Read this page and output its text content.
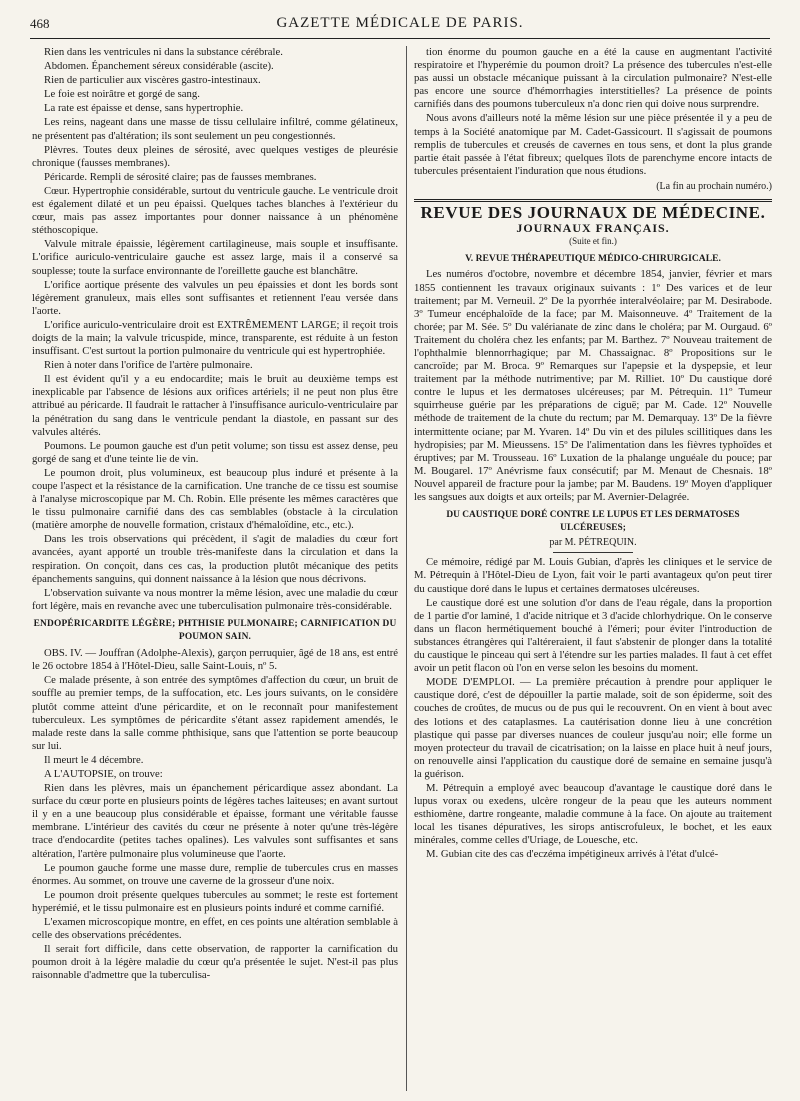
468	GAZETTE MÉDICALE DE PARIS.

Rien dans les ventricules ni dans la substance cérébrale.

Abdomen. Épanchement séreux considérable (ascite).

Rien de particulier aux viscères gastro-intestinaux.

Le foie est noirâtre et gorgé de sang.

La rate est épaisse et dense, sans hypertrophie.

Les reins, nageant dans une masse de tissu cellulaire infiltré, comme gélatineux, ne présentent pas d'altération; ils sont seulement un peu congestionnés.

Plèvres. Toutes deux pleines de sérosité, avec quelques vestiges de pleurésie chronique (fausses membranes).

Péricarde. Rempli de sérosité claire; pas de fausses membranes.

Cœur. Hypertrophie considérable, surtout du ventricule gauche. Le ventricule droit est également dilaté et un peu épaissi. Quelques taches blanches à l'extérieur du cœur, mais pas assez importantes pour donner naissance à un phénomène stéthoscopique.

Valvule mitrale épaissie, légèrement cartilagineuse, mais souple et insuffisante. L'orifice auriculo-ventriculaire gauche est assez large, mais il a conservé sa souplesse; toute la surface environnante de l'oreillette gauche est blanchâtre.

L'orifice aortique présente des valvules un peu épaissies et dont les bords sont légèrement granuleux, mais elles sont suffisantes et retiennent l'eau versée dans l'aorte.

L'orifice auriculo-ventriculaire droit est EXTRÊMEMENT LARGE; il reçoit trois doigts de la main; la valvule tricuspide, mince, transparente, est réduite à un feston insuffisant. C'est surtout la portion pulmonaire du ventricule qui est hypertrophiée.

Rien à noter dans l'orifice de l'artère pulmonaire.

Il est évident qu'il y a eu endocardite; mais le bruit au deuxième temps est inexplicable par l'absence de lésions aux orifices artériels; il ne peut non plus être attribué au péricarde. Il faudrait le rattacher à l'insuffisance auriculo-ventriculaire par la pénétration du sang dans le ventricule pendant la diastole, en passant sur des valvules altérés.

Poumons. Le poumon gauche est d'un petit volume; son tissu est assez dense, peu gorgé de sang et d'une teinte lie de vin.

Le poumon droit, plus volumineux, est beaucoup plus induré et présente à la coupe l'aspect et la résistance de la carnification. Une tranche de ce tissu est soumise à l'analyse microscopique par M. Ch. Robin. Elle présente les mêmes caractères que le tissu pulmonaire carnifié dans des cas semblables (obstacle à la circulation (matière amorphe de nouvelle formation, cristaux d'hémaloïdine, etc., etc.).

Dans les trois observations qui précèdent, il s'agit de maladies du cœur fort avancées, ayant apporté un trouble très-manifeste dans la circulation et dans la respiration. On conçoit, dans ces cas, la production plutôt mécanique des petits épanchements sanguins, qui donnent naissance à la lésion que nous décrivons.

L'observation suivante va nous montrer la même lésion, avec une maladie du cœur fort légère, mais en revanche avec une tuberculisation pulmonaire très-considérable.

ENDOPÉRICARDITE LÉGÈRE; PHTHISIE PULMONAIRE; CARNIFICATION DU POUMON SAIN.

OBS. IV. — Jouffran (Adolphe-Alexis), garçon perruquier, âgé de 18 ans, est entré le 26 octobre 1854 à l'Hôtel-Dieu, salle Saint-Louis, nº 5.

Ce malade présente, à son entrée des symptômes d'affection du cœur, un bruit de souffle au premier temps, de la suffocation, etc. Les jours suivants, on le considère plutôt comme atteint d'une péricardite, et on le reconnaît pour manifestement tuberculeux. Les symptômes de péricardite s'étant assez rapidement amendés, le malade reste dans la salle comme phthisique, sans que l'attention se porte beaucoup sur lui.

Il meurt le 4 décembre.

A L'AUTOPSIE, on trouve:

Rien dans les plèvres, mais un épanchement péricardique assez abondant. La surface du cœur porte en plusieurs points de légères taches laiteuses; en avant surtout il y en a une beaucoup plus considérable et épaisse, formant une véritable fausse membrane. L'intérieur des cavités du cœur ne présente à noter qu'une très-légère trace d'endocardite (petites taches opalines). Les valvules sont suffisantes et sans altération, l'artère pulmonaire plus volumineuse que l'aorte.

Le poumon gauche forme une masse dure, remplie de tubercules crus en masses énormes. Au sommet, on trouve une caverne de la grosseur d'une noix.

Le poumon droit présente quelques tubercules au sommet; le reste est fortement hyperémié, et le tissu pulmonaire est en plusieurs points induré et comme carnifié.

L'examen microscopique montre, en effet, en ces points une altération semblable à celle des observations précédentes.

Il serait fort difficile, dans cette observation, de rapporter la carnification du poumon droit à la légère maladie du cœur qu'a présentée le sujet. N'est-il pas plus raisonnable d'admettre que la tuberculisa-

tion énorme du poumon gauche en a été la cause en augmentant l'activité respiratoire et l'hyperémie du poumon droit? La présence des tubercules n'est-elle pas aussi un obstacle mécanique puissant à la circulation pulmonaire? N'est-elle pas encore une source d'hémorrhagies interstitielles? La présence de points carnifiés dans des poumons tuberculeux n'a donc rien qui doive nous surprendre.

Nous avons d'ailleurs noté la même lésion sur une pièce présentée il y a peu de temps à la Société anatomique par M. Cadet-Gassicourt. Il s'agissait de poumons remplis de tubercules et creusés de cavernes en tous sens, et dont la plus grande partie était passée à l'état fibreux; quelques îlots de parenchyme encore intacts de tubercules présentaient l'induration que nous étudions.

(La fin au prochain numéro.)
REVUE DES JOURNAUX DE MÉDECINE.
JOURNAUX FRANÇAIS.
(Suite et fin.)
V. REVUE THÉRAPEUTIQUE MÉDICO-CHIRURGICALE.

Les numéros d'octobre, novembre et décembre 1854, janvier, février et mars 1855 contiennent les travaux originaux suivants : 1º Des varices et de leur traitement; par M. Verneuil. 2º De la pyorrhée interalvéolaire; par M. Desirabode. 3º Tumeur encéphaloïde de la face; par M. Maisonneuve. 4º Traitement de la chorée; par M. Sée. 5º Du valérianate de zinc dans le choléra; par M. Ourgaud. 6º Traitement du choléra chez les enfants; par M. Barthez. 7º Nouveau traitement de l'ophthalmie blennorrhagique; par M. Chassaignac. 8º Propositions sur le cancroïde; par M. Broca. 9º Remarques sur l'apepsie et la dyspepsie, et leur traitement par la méthode nutrimentive; par M. Rilliet. 10º Du caustique doré contre le lupus et les dermatoses ulcéreuses; par M. Pétrequin. 11º Tumeur squirrheuse guérie par les préparations de ciguë; par M. Cade. 12º Nouvelle méthode de traitement de la chute du rectum; par M. Demarquay. 13º De la fièvre intermittente ociane; par M. Yvaren. 14º Du vin et des pilules scillitiques dans les hydropisies; par M. Mieussens. 15º De l'alimentation dans les fièvres typhoïdes et éruptives; par M. Trousseau. 16º Luxation de la phalange unguéale du pouce; par M. Bougarel. 17º Anévrisme faux consécutif; par M. Menaut de Chesnais. 18º Nouvel appareil de fracture pour la jambe; par M. Baudens. 19º Moyen d'appliquer les sangsues aux doigts et aux orteils; par M. Avernier-Delagrée.

DU CAUSTIQUE DORÉ CONTRE LE LUPUS ET LES DERMATOSES ULCÉREUSES;
par M. PÉTREQUIN.

Ce mémoire, rédigé par M. Louis Gubian, d'après les cliniques et le service de M. Pétrequin à l'Hôtel-Dieu de Lyon, fait voir le parti avantageux qu'on peut tirer du caustique doré dans le lupus et certaines dermatoses ulcéreuses.

Le caustique doré est une solution d'or dans de l'eau régale, dans la proportion de 1 partie d'or laminé, 1 d'acide nitrique et 3 d'acide chlorhydrique. On le conserve dans un flacon hermétiquement bouché à l'émeri; pour éviter l'introduction de substances étrangères qui l'altéreraient, il faut s'abstenir de plonger dans la totalité du caustique le pinceau qui sert à l'étendre sur les parties malades. Il faut à cet effet avoir un petit flacon où l'on en verse selon les besoins du moment.

MODE D'EMPLOI. — La première précaution à prendre pour appliquer le caustique doré, c'est de dépouiller la partie malade, soit de son épiderme, soit des couches de croûtes, de mucus ou de pus qui le recouvrent. On en vient à bout avec des lotions et des cataplasmes. La cautérisation donne lieu à une concrétion plastique qui passe par diverses nuances de couleur jusqu'au noir; elle forme un moyen protecteur du travail de cicatrisation; on la laisse en place huit à neuf jours, on renouvelle ainsi l'application du caustique doré de semaine en semaine jusqu'à la guérison.

M. Pétrequin a employé avec beaucoup d'avantage le caustique doré dans le lupus vorax ou exedens, ulcère rongeur de la peau que les auteurs nomment esthiomène, dartre rongeante, maladie commune à la face. On ajoute au traitement local les tisanes dépuratives, les sirops antiscrofuleux, le bochet, et les eaux minérales, comme celles d'Uriage, de Louesche, etc.

M. Gubian cite des cas d'eczéma impétigineux arrivés à l'état d'ulcé-
